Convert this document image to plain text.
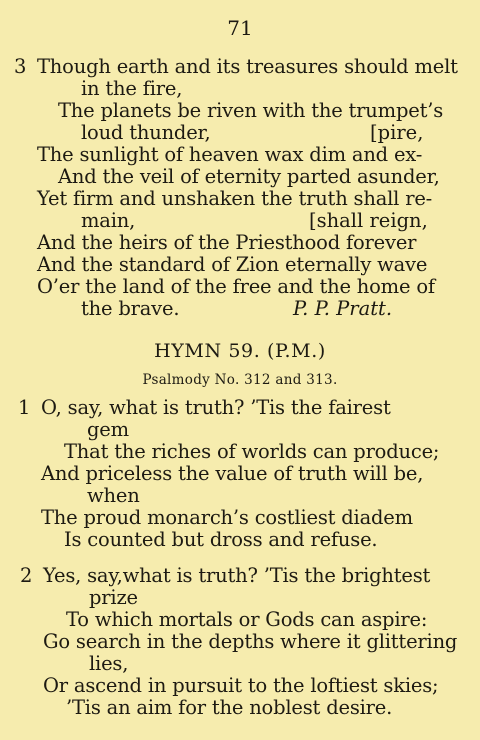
71
3 Though earth and its treasures should melt
in the fire,
The planets be riven with the trumpet’s
loud thunder,	[pire,
The sunlight of heaven wax dim and ex-
And the veil of eternity parted asunder,
Yet firm and unshaken the truth shall re-
main,	[shall reign,
And the heirs of the Priesthood forever
And the standard of Zion eternally wave
O’er the land of the free and the home of
the brave.	P. P. Pratt.
HYMN 59. (P.M.)
Psalmody No. 312 and 313.
1 O, say, what is truth? ’Tis the fairest
gem
That the riches of worlds can produce;
And priceless the value of truth will be,
when
The proud monarch’s costliest diadem
Is counted but dross and refuse.
2 Yes, say,what is truth? ’Tis the brightest
prize
To which mortals or Gods can aspire:
Go search in the depths where it glittering
lies,
Or ascend in pursuit to the loftiest skies;
’Tis an aim for the noblest desire.
